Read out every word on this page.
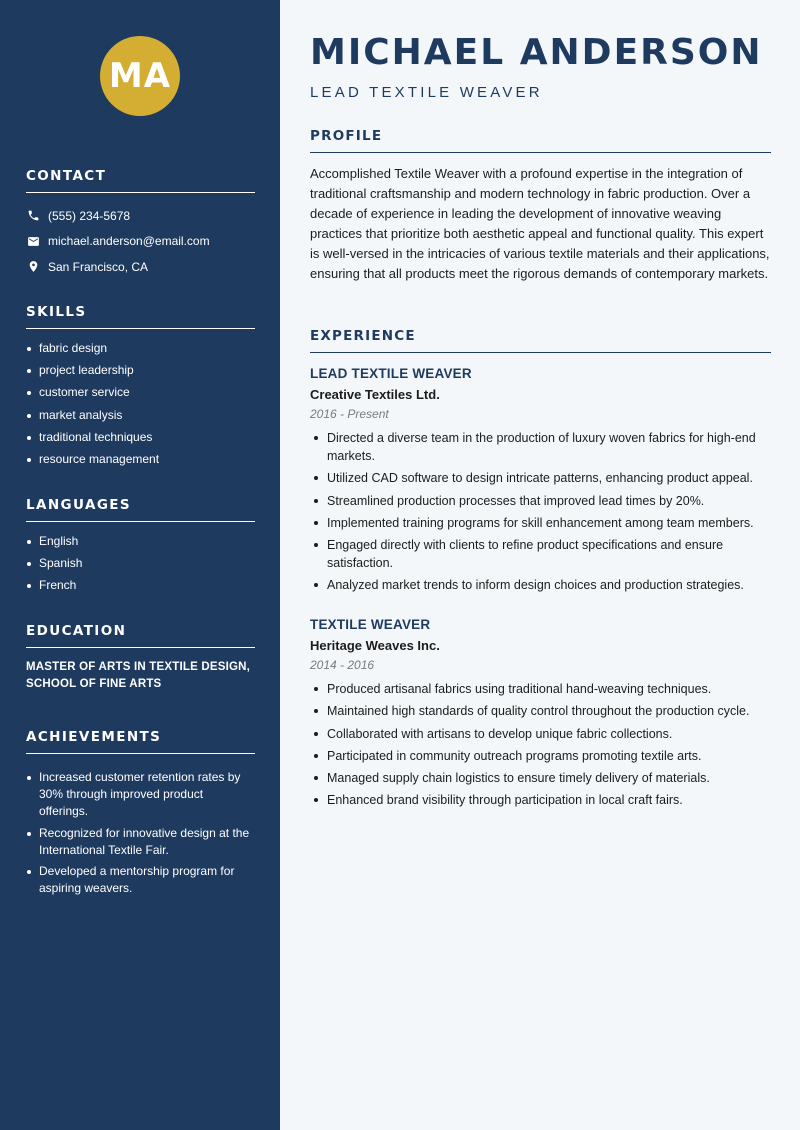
MA
CONTACT
(555) 234-5678
michael.anderson@email.com
San Francisco, CA
SKILLS
fabric design
project leadership
customer service
market analysis
traditional techniques
resource management
LANGUAGES
English
Spanish
French
EDUCATION

MASTER OF ARTS IN TEXTILE DESIGN, SCHOOL OF FINE ARTS

ACHIEVEMENTS
Increased customer retention rates by 30% through improved product offerings.
Recognized for innovative design at the International Textile Fair.
Developed a mentorship program for aspiring weavers.
MICHAEL ANDERSON
LEAD TEXTILE WEAVER
PROFILE

Accomplished Textile Weaver with a profound expertise in the integration of traditional craftsmanship and modern technology in fabric production. Over a decade of experience in leading the development of innovative weaving practices that prioritize both aesthetic appeal and functional quality. This expert is well-versed in the intricacies of various textile materials and their applications, ensuring that all products meet the rigorous demands of contemporary markets.

EXPERIENCE
LEAD TEXTILE WEAVER
Creative Textiles Ltd.
2016 - Present
Directed a diverse team in the production of luxury woven fabrics for high-end markets.
Utilized CAD software to design intricate patterns, enhancing product appeal.
Streamlined production processes that improved lead times by 20%.
Implemented training programs for skill enhancement among team members.
Engaged directly with clients to refine product specifications and ensure satisfaction.
Analyzed market trends to inform design choices and production strategies.
TEXTILE WEAVER
Heritage Weaves Inc.
2014 - 2016
Produced artisanal fabrics using traditional hand-weaving techniques.
Maintained high standards of quality control throughout the production cycle.
Collaborated with artisans to develop unique fabric collections.
Participated in community outreach programs promoting textile arts.
Managed supply chain logistics to ensure timely delivery of materials.
Enhanced brand visibility through participation in local craft fairs.
